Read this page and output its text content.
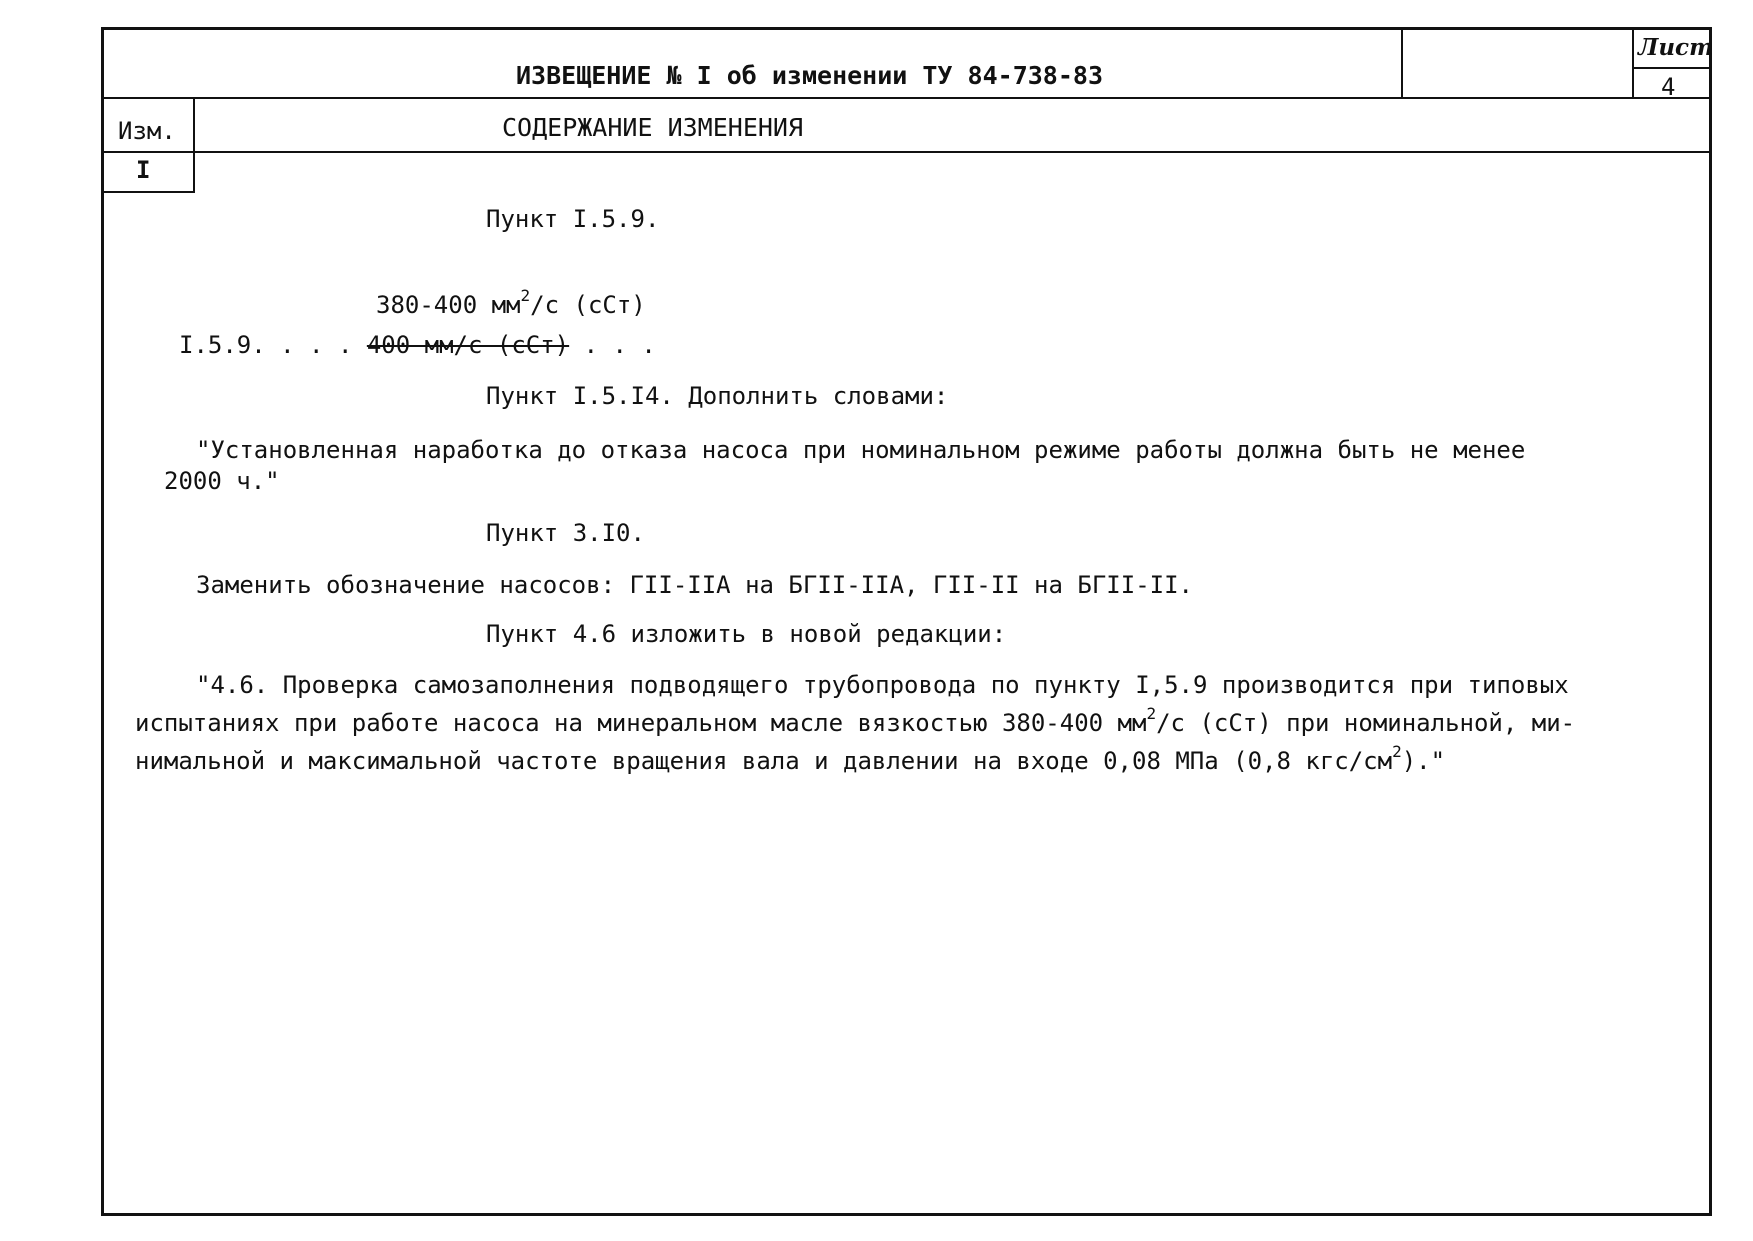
ИЗВЕЩЕНИЕ № I об изменении ТУ 84-738-83
Лист
4
Изм.	СОДЕРЖАНИЕ ИЗМЕНЕНИЯ
I
Пункт I.5.9.
380-400 $мм^2/с$ (сСт)
I.5.9. . . . 400 мм/с (сСт) . . .
Пункт I.5.I4. Дополнить словами:
"Установленная наработка до отказа насоса при номинальном режиме работы должна быть не менее
2000 ч."
Пункт 3.I0.
Заменить обозначение насосов: ГII-IIА на БГII-IIА, ГII-II на БГII-II.
Пункт 4.6 изложить в новой редакции:
"4.6. Проверка самозаполнения подводящего трубопровода по пункту I,5.9 производится при типовых
испытаниях при работе насоса на минеральном масле вязкостью 380-400 $мм^2/с$ (сСт) при номинальной, ми-
нимальной и максимальной частоте вращения вала и давлении на входе 0,08 МПа (0,8 кгс/$см^2$)."
